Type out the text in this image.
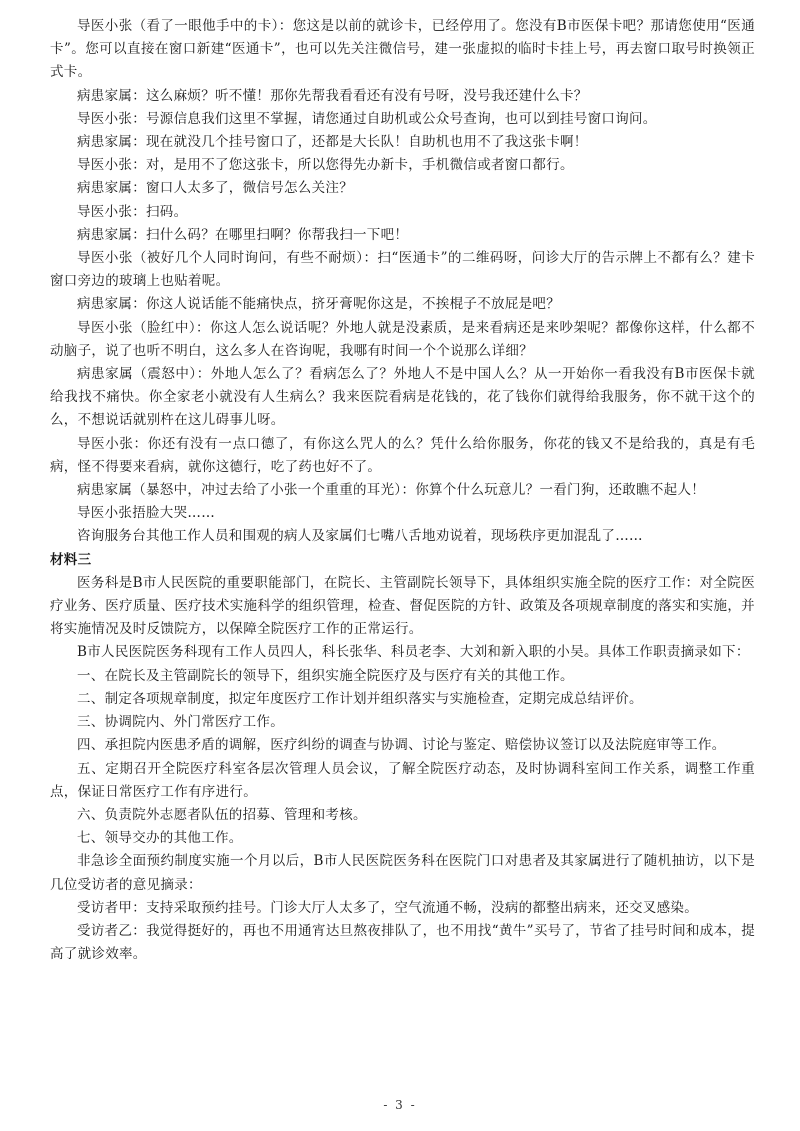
导医小张（看了一眼他手中的卡）：您这是以前的就诊卡，已经停用了。您没有B市医保卡吧？那请您使用“医通卡”。您可以直接在窗口新建“医通卡”，也可以先关注微信号，建一张虚拟的临时卡挂上号，再去窗口取号时换领正式卡。

病患家属：这么麻烦？听不懂！那你先帮我看看还有没有号呀，没号我还建什么卡？

导医小张：号源信息我们这里不掌握，请您通过自助机或公众号查询，也可以到挂号窗口询问。

病患家属：现在就没几个挂号窗口了，还都是大长队！自助机也用不了我这张卡啊！

导医小张：对，是用不了您这张卡，所以您得先办新卡，手机微信或者窗口都行。

病患家属：窗口人太多了，微信号怎么关注？

导医小张：扫码。

病患家属：扫什么码？在哪里扫啊？你帮我扫一下吧！

导医小张（被好几个人同时询问，有些不耐烦）：扫“医通卡”的二维码呀，问诊大厅的告示牌上不都有么？建卡窗口旁边的玻璃上也贴着呢。

病患家属：你这人说话能不能痛快点，挤牙膏呢你这是，不挨棍子不放屁是吧？

导医小张（脸红中）：你这人怎么说话呢？外地人就是没素质，是来看病还是来吵架呢？都像你这样，什么都不动脑子，说了也听不明白，这么多人在咨询呢，我哪有时间一个个说那么详细？

病患家属（震怒中）：外地人怎么了？看病怎么了？外地人不是中国人么？从一开始你一看我没有B市医保卡就给我找不痛快。你全家老小就没有人生病么？我来医院看病是花钱的，花了钱你们就得给我服务，你不就干这个的么，不想说话就别杵在这儿碍事儿呀。

导医小张：你还有没有一点口德了，有你这么咒人的么？凭什么给你服务，你花的钱又不是给我的，真是有毛病，怪不得要来看病，就你这德行，吃了药也好不了。

病患家属（暴怒中，冲过去给了小张一个重重的耳光）：你算个什么玩意儿？一看门狗，还敢瞧不起人！

导医小张捂脸大哭……

咨询服务台其他工作人员和围观的病人及家属们七嘴八舌地劝说着，现场秩序更加混乱了……

材料三

医务科是B市人民医院的重要职能部门，在院长、主管副院长领导下，具体组织实施全院的医疗工作：对全院医疗业务、医疗质量、医疗技术实施科学的组织管理，检查、督促医院的方针、政策及各项规章制度的落实和实施，并将实施情况及时反馈院方，以保障全院医疗工作的正常运行。

B市人民医院医务科现有工作人员四人，科长张华、科员老李、大刘和新入职的小吴。具体工作职责摘录如下：

一、在院长及主管副院长的领导下，组织实施全院医疗及与医疗有关的其他工作。

二、制定各项规章制度，拟定年度医疗工作计划并组织落实与实施检查，定期完成总结评价。

三、协调院内、外门常医疗工作。

四、承担院内医患矛盾的调解，医疗纠纷的调查与协调、讨论与鉴定、赔偿协议签订以及法院庭审等工作。

五、定期召开全院医疗科室各层次管理人员会议，了解全院医疗动态，及时协调科室间工作关系，调整工作重点，保证日常医疗工作有序进行。

六、负责院外志愿者队伍的招募、管理和考核。

七、领导交办的其他工作。

非急诊全面预约制度实施一个月以后，B市人民医院医务科在医院门口对患者及其家属进行了随机抽访，以下是几位受访者的意见摘录：

受访者甲：支持采取预约挂号。门诊大厅人太多了，空气流通不畅，没病的都整出病来，还交叉感染。

受访者乙：我觉得挺好的，再也不用通宵达旦熬夜排队了，也不用找“黄牛”买号了，节省了挂号时间和成本，提高了就诊效率。

- 3 -
